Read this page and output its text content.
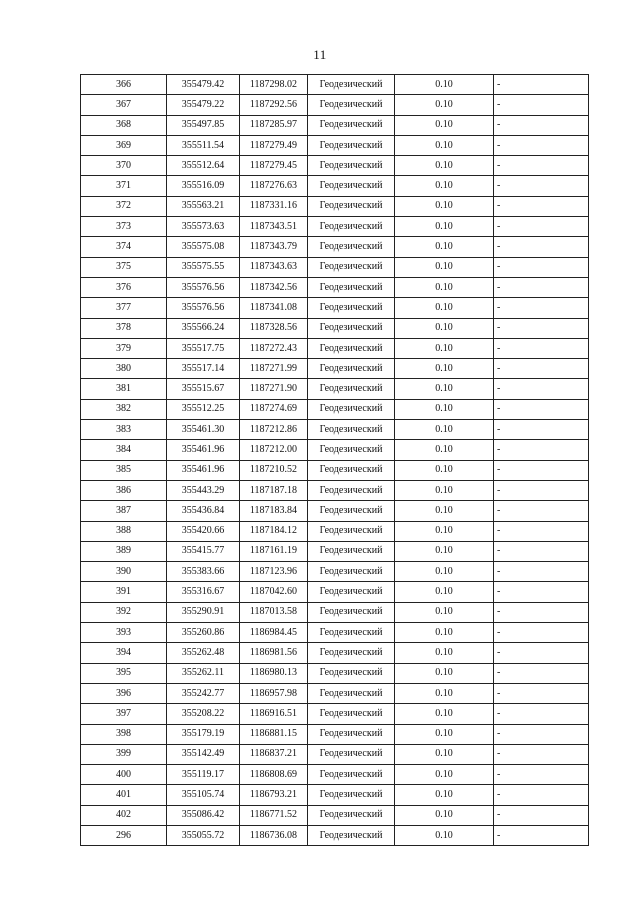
11
366	355479.42	1187298.02	Геодезический	0.10	-
367	355479.22	1187292.56	Геодезический	0.10	-
368	355497.85	1187285.97	Геодезический	0.10	-
369	355511.54	1187279.49	Геодезический	0.10	-
370	355512.64	1187279.45	Геодезический	0.10	-
371	355516.09	1187276.63	Геодезический	0.10	-
372	355563.21	1187331.16	Геодезический	0.10	-
373	355573.63	1187343.51	Геодезический	0.10	-
374	355575.08	1187343.79	Геодезический	0.10	-
375	355575.55	1187343.63	Геодезический	0.10	-
376	355576.56	1187342.56	Геодезический	0.10	-
377	355576.56	1187341.08	Геодезический	0.10	-
378	355566.24	1187328.56	Геодезический	0.10	-
379	355517.75	1187272.43	Геодезический	0.10	-
380	355517.14	1187271.99	Геодезический	0.10	-
381	355515.67	1187271.90	Геодезический	0.10	-
382	355512.25	1187274.69	Геодезический	0.10	-
383	355461.30	1187212.86	Геодезический	0.10	-
384	355461.96	1187212.00	Геодезический	0.10	-
385	355461.96	1187210.52	Геодезический	0.10	-
386	355443.29	1187187.18	Геодезический	0.10	-
387	355436.84	1187183.84	Геодезический	0.10	-
388	355420.66	1187184.12	Геодезический	0.10	-
389	355415.77	1187161.19	Геодезический	0.10	-
390	355383.66	1187123.96	Геодезический	0.10	-
391	355316.67	1187042.60	Геодезический	0.10	-
392	355290.91	1187013.58	Геодезический	0.10	-
393	355260.86	1186984.45	Геодезический	0.10	-
394	355262.48	1186981.56	Геодезический	0.10	-
395	355262.11	1186980.13	Геодезический	0.10	-
396	355242.77	1186957.98	Геодезический	0.10	-
397	355208.22	1186916.51	Геодезический	0.10	-
398	355179.19	1186881.15	Геодезический	0.10	-
399	355142.49	1186837.21	Геодезический	0.10	-
400	355119.17	1186808.69	Геодезический	0.10	-
401	355105.74	1186793.21	Геодезический	0.10	-
402	355086.42	1186771.52	Геодезический	0.10	-
296	355055.72	1186736.08	Геодезический	0.10	-
